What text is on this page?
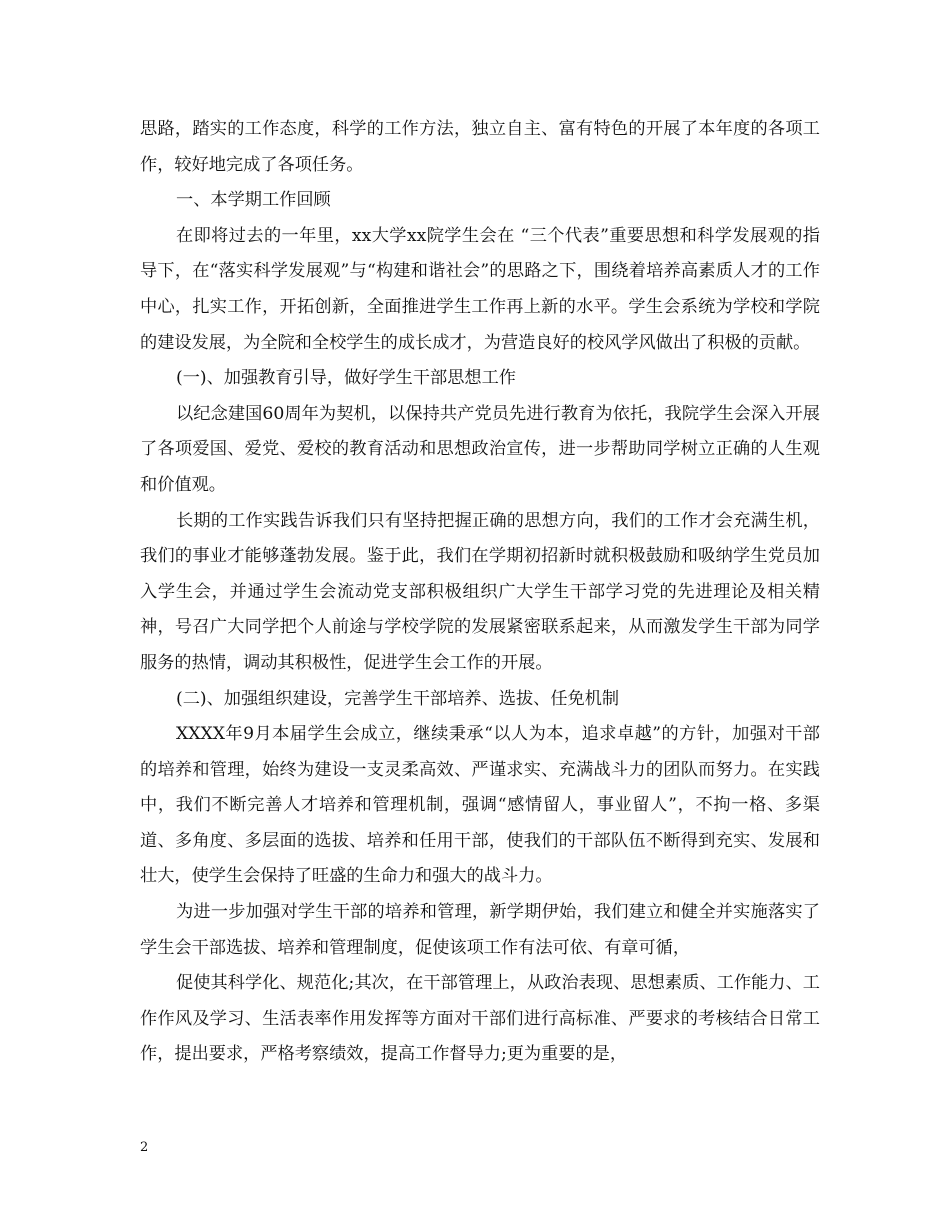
思路，踏实的工作态度，科学的工作方法，独立自主、富有特色的开展了本年度的各项工作，较好地完成了各项任务。

一、本学期工作回顾

在即将过去的一年里，xx大学xx院学生会在 “三个代表”重要思想和科学发展观的指导下，在“落实科学发展观”与“构建和谐社会”的思路之下，围绕着培养高素质人才的工作中心，扎实工作，开拓创新，全面推进学生工作再上新的水平。学生会系统为学校和学院的建设发展，为全院和全校学生的成长成才，为营造良好的校风学风做出了积极的贡献。

(一)、加强教育引导，做好学生干部思想工作

以纪念建国60周年为契机，以保持共产党员先进行教育为依托，我院学生会深入开展了各项爱国、爱党、爱校的教育活动和思想政治宣传，进一步帮助同学树立正确的人生观和价值观。

长期的工作实践告诉我们只有坚持把握正确的思想方向，我们的工作才会充满生机，我们的事业才能够蓬勃发展。鉴于此，我们在学期初招新时就积极鼓励和吸纳学生党员加入学生会，并通过学生会流动党支部积极组织广大学生干部学习党的先进理论及相关精神，号召广大同学把个人前途与学校学院的发展紧密联系起来，从而激发学生干部为同学服务的热情，调动其积极性，促进学生会工作的开展。

(二)、加强组织建设，完善学生干部培养、选拔、任免机制

XXXX年9月本届学生会成立，继续秉承“以人为本，追求卓越”的方针，加强对干部的培养和管理，始终为建设一支灵柔高效、严谨求实、充满战斗力的团队而努力。在实践中，我们不断完善人才培养和管理机制，强调“感情留人，事业留人”，不拘一格、多渠道、多角度、多层面的选拔、培养和任用干部，使我们的干部队伍不断得到充实、发展和壮大，使学生会保持了旺盛的生命力和强大的战斗力。

为进一步加强对学生干部的培养和管理，新学期伊始，我们建立和健全并实施落实了学生会干部选拔、培养和管理制度，促使该项工作有法可依、有章可循，

促使其科学化、规范化;其次，在干部管理上，从政治表现、思想素质、工作能力、工作作风及学习、生活表率作用发挥等方面对干部们进行高标准、严要求的考核结合日常工作，提出要求，严格考察绩效，提高工作督导力;更为重要的是，

2
